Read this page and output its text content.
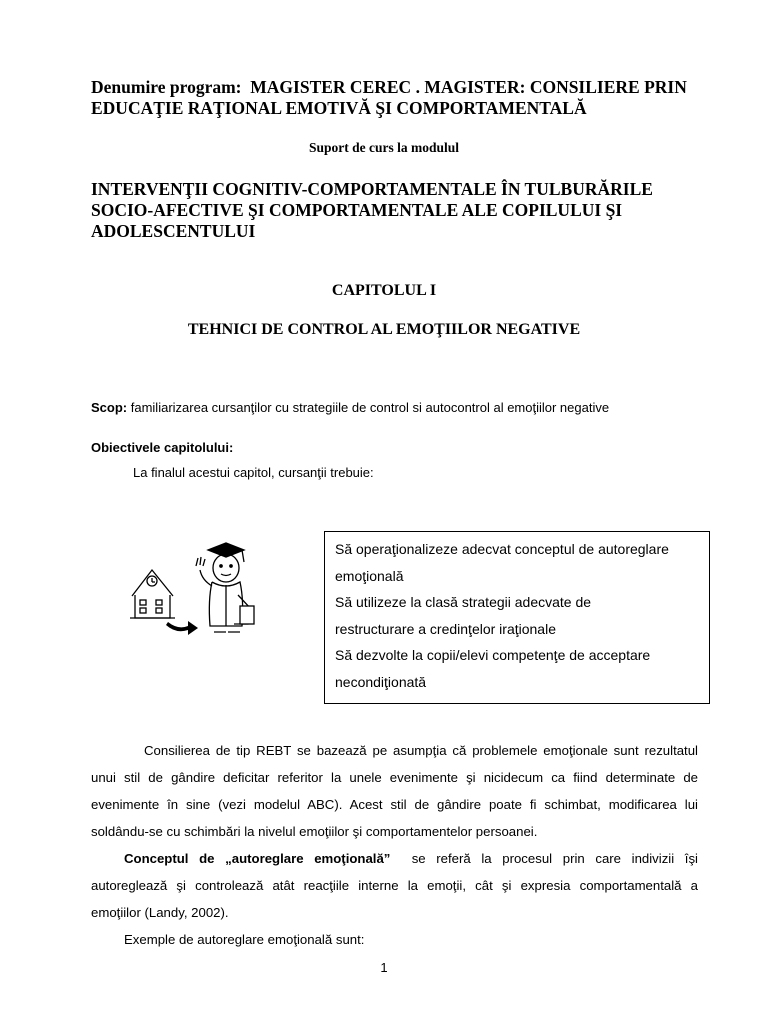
Denumire program: MAGISTER CEREC . MAGISTER: CONSILIERE PRIN
EDUCAŢIE RAŢIONAL EMOTIVĂ ŞI COMPORTAMENTALĂ
Suport de curs la modulul
INTERVENŢII COGNITIV-COMPORTAMENTALE ÎN TULBURĂRILE
SOCIO-AFECTIVE ŞI COMPORTAMENTALE ALE COPILULUI ŞI
ADOLESCENTULUI
CAPITOLUL I
TEHNICI DE CONTROL AL EMOŢIILOR NEGATIVE
Scop: familiarizarea cursanţilor cu strategiile de control si autocontrol al emoţiilor negative
Obiectivele capitolului:
La finalul acestui capitol, cursanţii trebuie:
Să operaţionalizeze adecvat conceptul de autoreglare
emoţională
Să utilizeze la clasă strategii adecvate de
restructurare a credinţelor iraţionale
Să dezvolte la copii/elevi competenţe de acceptare
necondiţionată
Consilierea de tip REBT se bazează pe asumpţia că problemele emoţionale sunt rezultatul
unui stil de gândire deficitar referitor la unele evenimente şi nicidecum ca fiind determinate de
evenimente în sine (vezi modelul ABC). Acest stil de gândire poate fi schimbat, modificarea lui
soldându-se cu schimbări la nivelul emoţiilor şi comportamentelor persoanei.
Conceptul de „autoreglare emoţională” se referă la procesul prin care indivizii îşi
autoreglează şi controlează atât reacţiile interne la emoţii, cât şi expresia comportamentală a
emoţiilor (Landy, 2002).
Exemple de autoreglare emoţională sunt:
1
